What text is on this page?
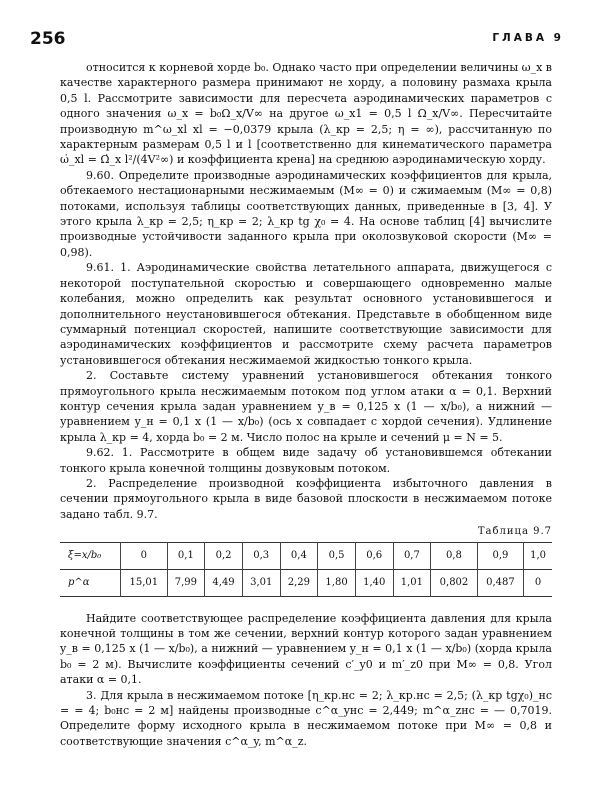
256	ГЛАВА 9

относится к корневой хорде b₀. Однако часто при определении величины ω_x в качестве характерного размера принимают не хорду, а половину размаха крыла 0,5 l. Рассмотрите зависимости для пересчета аэродинамических параметров с одного значения ω_x = b₀Ω_x/V∞ на другое ω_x1 = 0,5 l Ω_x/V∞. Пересчитайте производную m^ω_xl xl = −0,0379 крыла (λ_кр = 2,5; η = ∞), рассчитанную по характерным размерам 0,5 l и l [соответственно для кинематического параметра ω̇_xl = Ω̇_x l²/(4V²∞) и коэффициента крена] на среднюю аэродинамическую хорду.

9.60. Определите производные аэродинамических коэффициентов для крыла, обтекаемого нестационарными несжимаемым (M∞ = 0) и сжимаемым (M∞ = 0,8) потоками, используя таблицы соответствующих данных, приведенные в [3, 4]. У этого крыла λ_кр = 2,5; η_кр = 2; λ_кр tg χ₀ = 4. На основе таблиц [4] вычислите производные устойчивости заданного крыла при околозвуковой скорости (M∞ = 0,98).

9.61. 1. Аэродинамические свойства летательного аппарата, движущегося с некоторой поступательной скоростью и совершающего одновременно малые колебания, можно определить как результат основного установившегося и дополнительного неустановившегося обтекания. Представьте в обобщенном виде суммарный потенциал скоростей, напишите соответствующие зависимости для аэродинамических коэффициентов и рассмотрите схему расчета параметров установившегося обтекания несжимаемой жидкостью тонкого крыла.

2. Составьте систему уравнений установившегося обтекания тонкого прямоугольного крыла несжимаемым потоком под углом атаки α = 0,1. Верхний контур сечения крыла задан уравнением y_в = 0,125 x (1 — x/b₀), а нижний — уравнением y_н = 0,1 x (1 — x/b₀) (ось x совпадает с хордой сечения). Удлинение крыла λ_кр = 4, хорда b₀ = 2 м. Число полос на крыле и сечений μ = N = 5.

9.62. 1. Рассмотрите в общем виде задачу об установившемся обтекании тонкого крыла конечной толщины дозвуковым потоком.

2. Распределение производной коэффициента избыточного давления в сечении прямоугольного крыла в виде базовой плоскости в несжимаемом потоке задано табл. 9.7.

Таблица 9.7
ξ=x/b₀	0	0,1	0,2	0,3	0,4	0,5	0,6	0,7	0,8	0,9	1,0
p^α	15,01	7,99	4,49	3,01	2,29	1,80	1,40	1,01	0,802	0,487	0

Найдите соответствующее распределение коэффициента давления для крыла конечной толщины в том же сечении, верхний контур которого задан уравнением y_в = 0,125 x (1 — x/b₀), а нижний — уравнением y_н = 0,1 x (1 — x/b₀) (хорда крыла b₀ = 2 м). Вычислите коэффициенты сечений c′_y0 и m′_z0 при M∞ = 0,8. Угол атаки α = 0,1.

3. Для крыла в несжимаемом потоке [η_кр.нс = 2; λ_кр.нс = 2,5; (λ_кр tgχ₀)_нс = = 4; b₀нс = 2 м] найдены производные c^α_yнс = 2,449; m^α_zнс = — 0,7019. Определите форму исходного крыла в несжимаемом потоке при M∞ = 0,8 и соответствующие значения c^α_y, m^α_z.
